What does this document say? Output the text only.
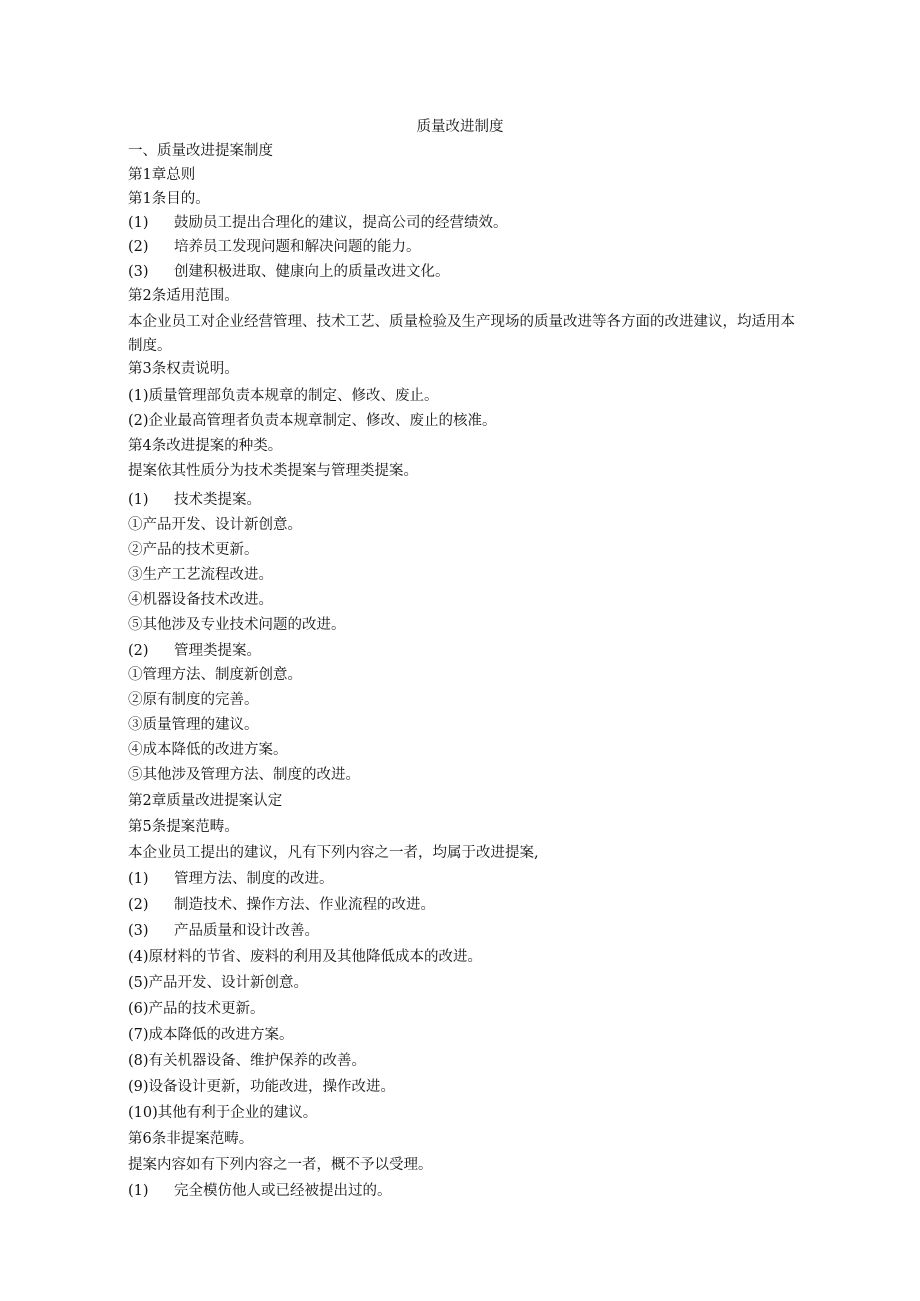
质量改进制度
一、质量改进提案制度
第1章总则
第1条目的。
(1) 鼓励员工提出合理化的建议，提高公司的经营绩效。
(2) 培养员工发现问题和解决问题的能力。
(3) 创建积极进取、健康向上的质量改进文化。
第2条适用范围。
本企业员工对企业经营管理、技术工艺、质量检验及生产现场的质量改进等各方面的改进建议，均适用本制度。
第3条权责说明。
(1)质量管理部负责本规章的制定、修改、废止。
(2)企业最高管理者负责本规章制定、修改、废止的核准。
第4条改进提案的种类。
提案依其性质分为技术类提案与管理类提案。
(1) 技术类提案。
①产品开发、设计新创意。
②产品的技术更新。
③生产工艺流程改进。
④机器设备技术改进。
⑤其他涉及专业技术问题的改进。
(2) 管理类提案。
①管理方法、制度新创意。
②原有制度的完善。
③质量管理的建议。
④成本降低的改进方案。
⑤其他涉及管理方法、制度的改进。
第2章质量改进提案认定
第5条提案范畴。
本企业员工提出的建议，凡有下列内容之一者，均属于改进提案,
(1) 管理方法、制度的改进。
(2) 制造技术、操作方法、作业流程的改进。
(3) 产品质量和设计改善。
(4)原材料的节省、废料的利用及其他降低成本的改进。
(5)产品开发、设计新创意。
(6)产品的技术更新。
(7)成本降低的改进方案。
(8)有关机器设备、维护保养的改善。
(9)设备设计更新，功能改进，操作改进。
(10)其他有利于企业的建议。
第6条非提案范畴。
提案内容如有下列内容之一者，概不予以受理。
(1) 完全模仿他人或已经被提出过的。
